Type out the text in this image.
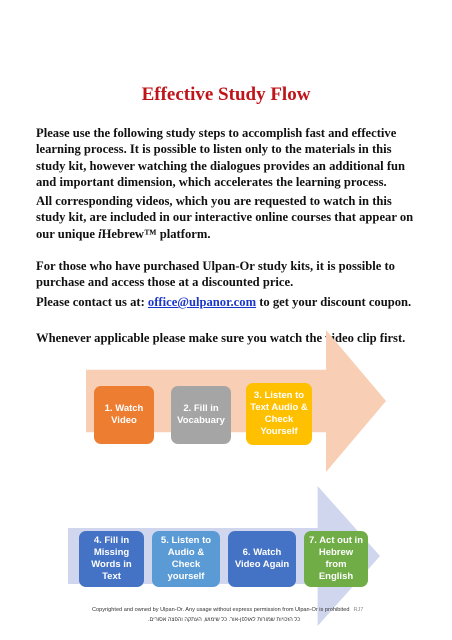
Effective Study Flow

Please use the following study steps to accomplish fast and effective learning process. It is possible to listen only to the materials in this study kit, however watching the dialogues provides an additional fun and important dimension, which accelerates the learning process.

All corresponding videos, which you are requested to watch in this study kit, are included in our interactive online courses that appear on our unique iHebrew™ platform.

For those who have purchased Ulpan-Or study kits, it is possible to purchase and access those at a discounted price.

Please contact us at: office@ulpanor.com to get your discount coupon.

Whenever applicable please make sure you watch the video clip first.

1. Watch Video
2. Fill in Vocabuary
3. Listen to Text Audio & Check Yourself
4. Fill in Missing Words in Text
5. Listen to Audio & Check yourself
6. Watch Video Again
7. Act out in Hebrew from English
Copyrighted and owned by Ulpan-Or. Any usage without express permission from Ulpan-Or is prohibited RJ7
כל הזכויות שמורות לאולפן-אור. כל שימוש, העתקה והפצה אסורים.
